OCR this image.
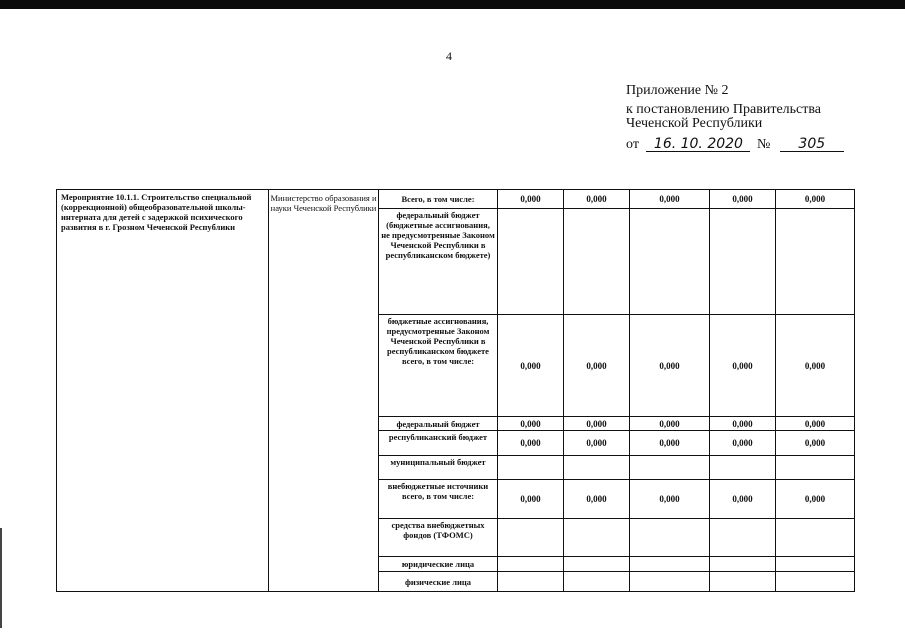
4
Приложение № 2
к постановлению Правительства
Чеченской Республики
от 16. 10. 2020 № 305
Мероприятие 10.1.1. Строительство специальной (коррекционной) общеобразовательной школы-интерната для детей с задержкой психического развития в г. Грозном Чеченской Республики	Министерство образования и науки Чеченской Республики	Всего, в том числе:	0,000	0,000	0,000	0,000	0,000
		федеральный бюджет (бюджетные ассигнования, не предусмотренные Законом Чеченской Республики в республиканском бюджете)					
		бюджетные ассигнования, предусмотренные Законом Чеченской Республики в республиканском бюджете всего, в том числе:	0,000	0,000	0,000	0,000	0,000
		федеральный бюджет	0,000	0,000	0,000	0,000	0,000
		республиканский бюджет	0,000	0,000	0,000	0,000	0,000
		муниципальный бюджет					
		внебюджетные источники всего, в том числе:	0,000	0,000	0,000	0,000	0,000
		средства внебюджетных фондов (ТФОМС)					
		юридические лица					
		физические лица					
